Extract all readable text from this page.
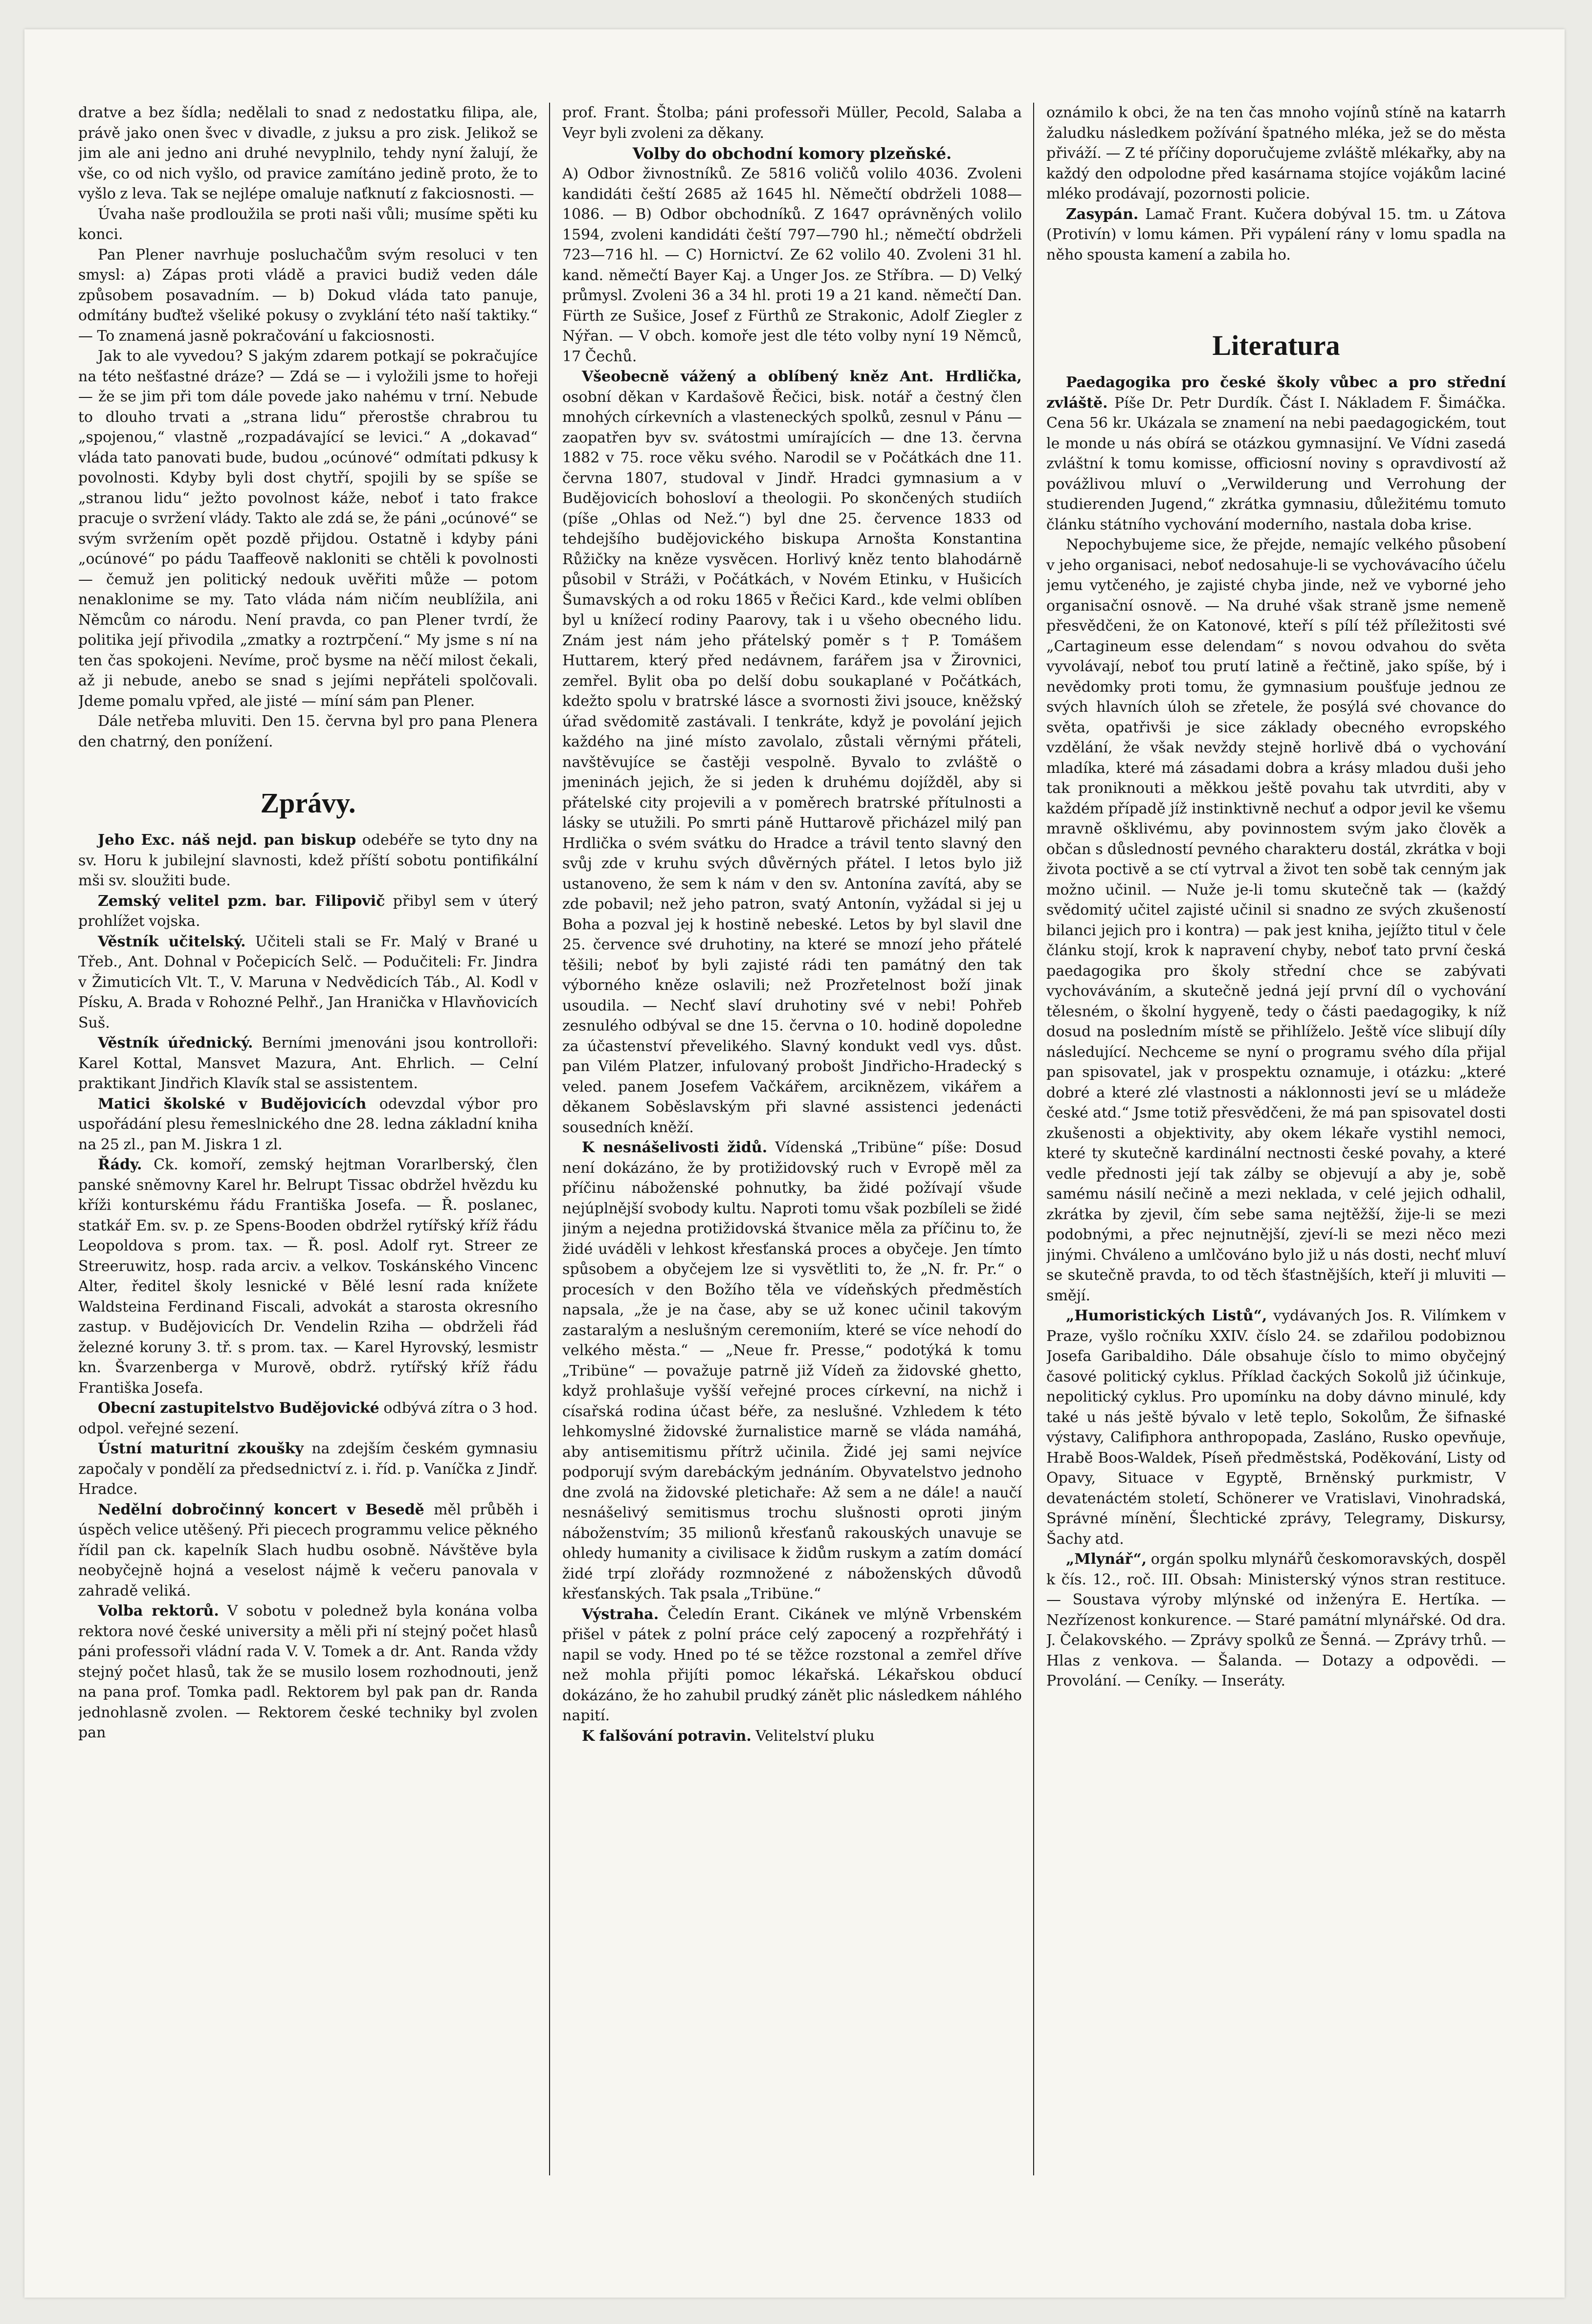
dratve a bez šídla; nedělali to snad z nedostatku filipa, ale, právě jako onen švec v divadle, z juksu a pro zisk. Jelikož se jim ale ani jedno ani druhé nevyplnilo, tehdy nyní žalují, že vše, co od nich vyšlo, od pravice zamítáno jedině proto, že to vyšlo z leva. Tak se nejlépe omaluje naťknutí z fakciosnosti. —

Úvaha naše prodloužila se proti naši vůli; musíme spěti ku konci.

Pan Plener navrhuje posluchačům svým resoluci v ten smysl: a) Zápas proti vládě a pravici budiž veden dále způsobem posavadním. — b) Dokud vláda tato panuje, odmítány buďtež všeliké pokusy o zvyklání této naší taktiky.“ — To znamená jasně pokračování u fakciosnosti.

Jak to ale vyvedou? S jakým zdarem potkají se pokračujíce na této nešťastné dráze? — Zdá se — i vyložili jsme to hořeji — že se jim při tom dále povede jako nahému v trní. Nebude to dlouho trvati a „strana lidu“ přerostše chrabrou tu „spojenou,“ vlastně „rozpadávající se levici.“ A „dokavad“ vláda tato panovati bude, budou „ocúnové“ odmítati pdkusy k povolnosti. Kdyby byli dost chytří, spojili by se spíše se „stranou lidu“ ježto povolnost káže, neboť i tato frakce pracuje o svržení vlády. Takto ale zdá se, že páni „ocúnové“ se svým svržením opět pozdě přijdou. Ostatně i kdyby páni „ocúnové“ po pádu Taaffeově nakloniti se chtěli k povolnosti — čemuž jen politický nedouk uvěřiti může — potom nenaklonime se my. Tato vláda nám ničím neublížila, ani Němcům co národu. Není pravda, co pan Plener tvrdí, že politika její přivodila „zmatky a roztrpčení.“ My jsme s ní na ten čas spokojeni. Nevíme, proč bysme na něčí milost čekali, až ji nebude, anebo se snad s jejími nepřáteli spolčovali. Jdeme pomalu vpřed, ale jisté — míní sám pan Plener.

Dále netřeba mluviti. Den 15. června byl pro pana Plenera den chatrný, den ponížení.

Zprávy.

Jeho Exc. náš nejd. pan biskup odebéře se tyto dny na sv. Horu k jubilejní slavnosti, kdež příští sobotu pontifikální mši sv. sloužiti bude.

Zemský velitel pzm. bar. Filipovič přibyl sem v úterý prohlížet vojska.

Věstník učitelský. Učiteli stali se Fr. Malý v Brané u Třeb., Ant. Dohnal v Počepicích Selč. — Podučiteli: Fr. Jindra v Žimuticích Vlt. T., V. Maruna v Nedvědicích Táb., Al. Kodl v Písku, A. Brada v Rohozné Pelhř., Jan Hranička v Hlavňovicích Suš.

Věstník úřednický. Berními jmenováni jsou kontrolloři: Karel Kottal, Mansvet Mazura, Ant. Ehrlich. — Celní praktikant Jindřich Klavík stal se assistentem.

Matici školské v Budějovicích odevzdal výbor pro uspořádání plesu řemeslnického dne 28. ledna základní kniha na 25 zl., pan M. Jiskra 1 zl.

Řády. Ck. komoří, zemský hejtman Vorarlberský, člen panské sněmovny Karel hr. Belrupt Tissac obdržel hvězdu ku kříži konturskému řádu Františka Josefa. — Ř. poslanec, statkář Em. sv. p. ze Spens-Booden obdržel rytířský kříž řádu Leopoldova s prom. tax. — Ř. posl. Adolf ryt. Streer ze Streeruwitz, hosp. rada arciv. a velkov. Toskánského Vincenc Alter, ředitel školy lesnické v Bělé lesní rada knížete Waldsteina Ferdinand Fiscali, advokát a starosta okresního zastup. v Budějovicích Dr. Vendelin Rziha — obdrželi řád železné koruny 3. tř. s prom. tax. — Karel Hyrovský, lesmistr kn. Švarzenberga v Murově, obdrž. rytířský kříž řádu Františka Josefa.

Obecní zastupitelstvo Budějovické odbývá zítra o 3 hod. odpol. veřejné sezení.

Ústní maturitní zkoušky na zdejším českém gymnasiu započaly v pondělí za předsednictví z. i. říd. p. Vaníčka z Jindř. Hradce.

Nedělní dobročinný koncert v Besedě měl průběh i úspěch velice utěšený. Při piecech programmu velice pěkného řídil pan ck. kapelník Slach hudbu osobně. Návštěve byla neobyčejně hojná a veselost nájmě k večeru panovala v zahradě veliká.

Volba rektorů. V sobotu v polednež byla konána volba rektora nové české university a měli při ní stejný počet hlasů páni professoři vládní rada V. V. Tomek a dr. Ant. Randa vždy stejný počet hlasů, tak že se musilo losem rozhodnouti, jenž na pana prof. Tomka padl. Rektorem byl pak pan dr. Randa jednohlasně zvolen. — Rektorem české techniky byl zvolen pan

prof. Frant. Štolba; páni professoři Müller, Pecold, Salaba a Veyr byli zvoleni za děkany.

Volby do obchodní komory plzeňské.

A) Odbor živnostníků. Ze 5816 voličů volilo 4036. Zvoleni kandidáti čeští 2685 až 1645 hl. Němečtí obdrželi 1088—1086. — B) Odbor obchodníků. Z 1647 oprávněných volilo 1594, zvoleni kandidáti čeští 797—790 hl.; němečtí obdrželi 723—716 hl. — C) Hornictví. Ze 62 volilo 40. Zvoleni 31 hl. kand. němečtí Bayer Kaj. a Unger Jos. ze Stříbra. — D) Velký průmysl. Zvoleni 36 a 34 hl. proti 19 a 21 kand. němečtí Dan. Fürth ze Sušice, Josef z Fürthů ze Strakonic, Adolf Ziegler z Nýřan. — V obch. komoře jest dle této volby nyní 19 Němců, 17 Čechů.

Všeobecně vážený a oblíbený kněz Ant. Hrdlička, osobní děkan v Kardašově Řečici, bisk. notář a čestný člen mnohých církevních a vlasteneckých spolků, zesnul v Pánu — zaopatřen byv sv. svátostmi umírajících — dne 13. června 1882 v 75. roce věku svého. Narodil se v Počátkách dne 11. června 1807, studoval v Jindř. Hradci gymnasium a v Budějovicích bohosloví a theologii. Po skončených studiích (píše „Ohlas od Než.“) byl dne 25. července 1833 od tehdejšího budějovického biskupa Arnošta Konstantina Růžičky na kněze vysvěcen. Horlivý kněz tento blahodárně působil v Stráži, v Počátkách, v Novém Etinku, v Hušicích Šumavských a od roku 1865 v Řečici Kard., kde velmi oblíben byl u knížecí rodiny Paarovy, tak i u všeho obecného lidu. Znám jest nám jeho přátelský poměr s † P. Tomášem Huttarem, který před nedávnem, farářem jsa v Žirovnici, zemřel. Bylit oba po delší dobu soukaplané v Počátkách, kdežto spolu v bratrské lásce a svornosti živi jsouce, kněžský úřad svědomitě zastávali. I tenkráte, když je povolání jejich každého na jiné místo zavolalo, zůstali věrnými přáteli, navštěvujíce se častěji vespolně. Byvalo to zvláště o jmeninách jejich, že si jeden k druhému dojížděl, aby si přátelské city projevili a v poměrech bratrské přítulnosti a lásky se utužili. Po smrti páně Huttarově přicházel milý pan Hrdlička o svém svátku do Hradce a trávil tento slavný den svůj zde v kruhu svých důvěrných přátel. I letos bylo již ustanoveno, že sem k nám v den sv. Antonína zavítá, aby se zde pobavil; než jeho patron, svatý Antonín, vyžádal si jej u Boha a pozval jej k hostině nebeské. Letos by byl slavil dne 25. července své druhotiny, na které se mnozí jeho přátelé těšili; neboť by byli zajisté rádi ten památný den tak výborného kněze oslavili; než Prozřetelnost boží jinak usoudila. — Nechť slaví druhotiny své v nebi! Pohřeb zesnulého odbýval se dne 15. června o 10. hodině dopoledne za účastenství převelikého. Slavný kondukt vedl vys. důst. pan Vilém Platzer, infulovaný probošt Jindřicho-Hradecký s veled. panem Josefem Vačkářem, arciknězem, vikářem a děkanem Soběslavským při slavné assistenci jedenácti sousedních kněží.

K nesnášelivosti židů. Vídenská „Tribüne“ píše: Dosud není dokázáno, že by protižidovský ruch v Evropě měl za příčinu náboženské pohnutky, ba židé požívají všude nejúplnější svobody kultu. Naproti tomu však pozbíleli se židé jiným a nejedna protižidovská štvanice měla za příčinu to, že židé uváděli v lehkost křesťanská proces a obyčeje. Jen tímto spůsobem a obyčejem lze si vysvětliti to, že „N. fr. Pr.“ o procesích v den Božího těla ve vídeňských předměstích napsala, „že je na čase, aby se už konec učinil takovým zastaralým a neslušným ceremoniím, které se více nehodí do velkého města.“ — „Neue fr. Presse,“ podotýká k tomu „Tribüne“ — považuje patrně již Vídeň za židovské ghetto, když prohlašuje vyšší veřejné proces církevní, na nichž i císařská rodina účast béře, za neslušné. Vzhledem k této lehkomyslné židovské žurnalistice marně se vláda namáhá, aby antisemitismu přítrž učinila. Židé jej sami nejvíce podporují svým darebáckým jednáním. Obyvatelstvo jednoho dne zvolá na židovské pletichaře: Až sem a ne dále! a naučí nesnášelivý semitismus trochu slušnosti oproti jiným náboženstvím; 35 milionů křesťanů rakouských unavuje se ohledy humanity a civilisace k židům ruskym a zatím domácí židé trpí zlořády rozmnožené z náboženských důvodů křesťanských. Tak psala „Tribüne.“

Výstraha. Čeledín Erant. Cikánek ve mlýně Vrbenském přišel v pátek z polní práce celý zapocený a rozpřehřátý i napil se vody. Hned po té se těžce rozstonal a zemřel dříve než mohla přijíti pomoc lékařská. Lékařskou obducí dokázáno, že ho zahubil prudký zánět plic následkem náhlého napití.

K falšování potravin. Velitelství pluku

oznámilo k obci, že na ten čas mnoho vojínů stíně na katarrh žaludku následkem požívání špatného mléka, jež se do města přiváží. — Z té příčiny doporučujeme zvláště mlékařky, aby na každý den odpolodne před kasárnama stojíce vojákům laciné mléko prodávají, pozornosti policie.

Zasypán. Lamač Frant. Kučera dobýval 15. tm. u Zátova (Protivín) v lomu kámen. Při vypálení rány v lomu spadla na něho spousta kamení a zabila ho.

Literatura

Paedagogika pro české školy vůbec a pro střední zvláště. Píše Dr. Petr Durdík. Část I. Nákladem F. Šimáčka. Cena 56 kr. Ukázala se znamení na nebi paedagogickém, tout le monde u nás obírá se otázkou gymnasijní. Ve Vídni zasedá zvláštní k tomu komisse, officiosní noviny s opravdivostí až povážlivou mluví o „Verwilderung und Verrohung der studierenden Jugend,“ zkrátka gymnasiu, důležitému tomuto článku státního vychování moderního, nastala doba krise.

Nepochybujeme sice, že přejde, nemajíc velkého působení v jeho organisaci, neboť nedosahuje-li se vychovávacího účelu jemu vytčeného, je zajisté chyba jinde, než ve vyborné jeho organisační osnově. — Na druhé však straně jsme nemeně přesvědčeni, že on Katonové, kteří s pílí též příležitosti své „Cartagineum esse delendam“ s novou odvahou do světa vyvolávají, neboť tou prutí latině a řečtině, jako spíše, bý i nevědomky proti tomu, že gymnasium poušťuje jednou ze svých hlavních úloh se zřetele, že posýlá své chovance do světa, opatřivši je sice základy obecného evropského vzdělání, že však nevždy stejně horlivě dbá o vychování mladíka, které má zásadami dobra a krásy mladou duši jeho tak proniknouti a měkkou ještě povahu tak utvrditi, aby v každém případě jíž instinktivně nechuť a odpor jevil ke všemu mravně ošklivému, aby povinnostem svým jako člověk a občan s důsledností pevného charakteru dostál, zkrátka v boji života poctivě a se ctí vytrval a život ten sobě tak cenným jak možno učinil. — Nuže je-li tomu skutečně tak — (každý svědomitý učitel zajisté učinil si snadno ze svých zkušeností bilanci jejich pro i kontra) — pak jest kniha, jejížto titul v čele článku stojí, krok k napravení chyby, neboť tato první česká paedagogika pro školy střední chce se zabývati vychováváním, a skutečně jedná její první díl o vychování tělesném, o školní hygyeně, tedy o části paedagogiky, k níž dosud na posledním místě se přihlíželo. Ještě více slibují díly následující. Nechceme se nyní o programu svého díla přijal pan spisovatel, jak v prospektu oznamuje, i otázku: „které dobré a které zlé vlastnosti a náklonnosti jeví se u mládeže české atd.“ Jsme totiž přesvědčeni, že má pan spisovatel dosti zkušenosti a objektivity, aby okem lékaře vystihl nemoci, které ty skutečně kardinální nectnosti české povahy, a které vedle přednosti její tak zálby se objevují a aby je, sobě samému násilí nečině a mezi neklada, v celé jejich odhalil, zkrátka by zjevil, čím sebe sama nejtěžší, žije-li se mezi podobnými, a přec nejnutnější, zjeví-li se mezi něco mezi jinými. Chváleno a umlčováno bylo již u nás dosti, nechť mluví se skutečně pravda, to od těch šťastnějších, kteří ji mluviti — smějí.

„Humoristických Listů“, vydávaných Jos. R. Vilímkem v Praze, vyšlo ročníku XXIV. číslo 24. se zdařilou podobiznou Josefa Garibaldiho. Dále obsahuje číslo to mimo obyčejný časové politický cyklus. Příklad čackých Sokolů již účinkuje, nepolitický cyklus. Pro upomínku na doby dávno minulé, kdy také u nás ještě bývalo v letě teplo, Sokolům, Že šifnaské výstavy, Califiphora anthropopada, Zasláno, Rusko opevňuje, Hrabě Boos-Waldek, Píseň předměstská, Poděkování, Listy od Opavy, Situace v Egyptě, Brněnský purkmistr, V devatenáctém století, Schönerer ve Vratislavi, Vinohradská, Správné mínění, Šlechtické zprávy, Telegramy, Diskursy, Šachy atd.

„Mlynář“, orgán spolku mlynářů českomoravských, dospěl k čís. 12., roč. III. Obsah: Ministerský výnos stran restituce. — Soustava výroby mlýnské od inženýra E. Hertíka. — Nezřízenost konkurence. — Staré památní mlynářské. Od dra. J. Čelakovského. — Zprávy spolků ze Šenná. — Zprávy trhů. — Hlas z venkova. — Šalanda. — Dotazy a odpovědi. — Provolání. — Ceníky. — Inseráty.
